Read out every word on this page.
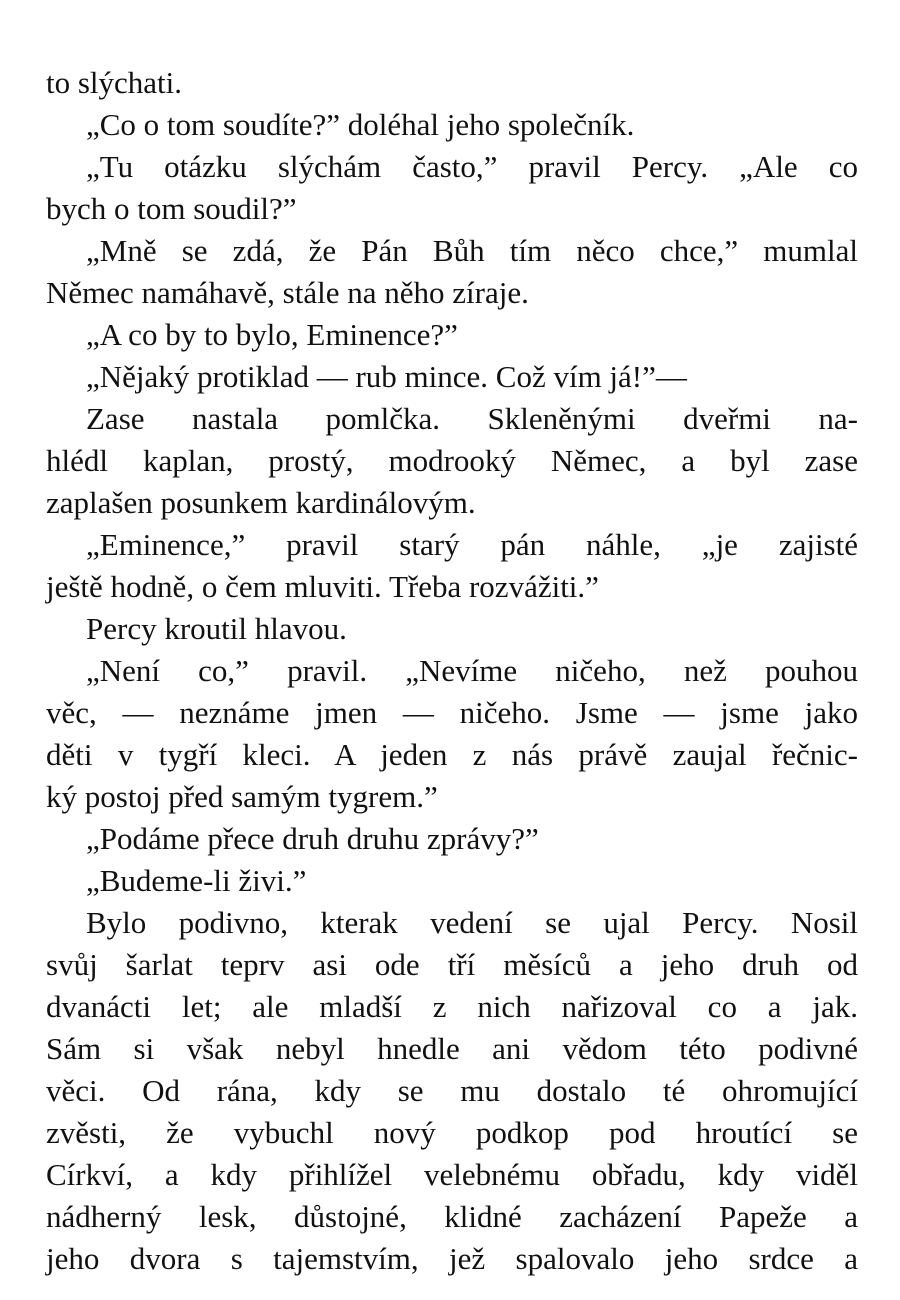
to slýchati.
„Co o tom soudíte?” doléhal jeho společník.
„Tu otázku slýchám často,” pravil Percy. „Ale co
bych o tom soudil?”
„Mně se zdá, že Pán Bůh tím něco chce,” mumlal
Němec namáhavě, stále na něho zíraje.
„A co by to bylo, Eminence?”
„Nějaký protiklad — rub mince. Což vím já!”—
Zase nastala pomlčka. Skleněnými dveřmi na-
hlédl kaplan, prostý, modrooký Němec, a byl zase
zaplašen posunkem kardinálovým.
„Eminence,” pravil starý pán náhle, „je zajisté
ještě hodně, o čem mluviti. Třeba rozvážiti.”
Percy kroutil hlavou.
„Není co,” pravil. „Nevíme ničeho, než pouhou
věc, — neznáme jmen — ničeho. Jsme — jsme jako
děti v tygří kleci. A jeden z nás právě zaujal řečnic-
ký postoj před samým tygrem.”
„Podáme přece druh druhu zprávy?”
„Budeme-li živi.”
Bylo podivno, kterak vedení se ujal Percy. Nosil
svůj šarlat teprv asi ode tří měsíců a jeho druh od
dvanácti let; ale mladší z nich nařizoval co a jak.
Sám si však nebyl hnedle ani vědom této podivné
věci. Od rána, kdy se mu dostalo té ohromující
zvěsti, že vybuchl nový podkop pod hroutící se
Církví, a kdy přihlížel velebnému obřadu, kdy viděl
nádherný lesk, důstojné, klidné zacházení Papeže a
jeho dvora s tajemstvím, jež spalovalo jeho srdce a
